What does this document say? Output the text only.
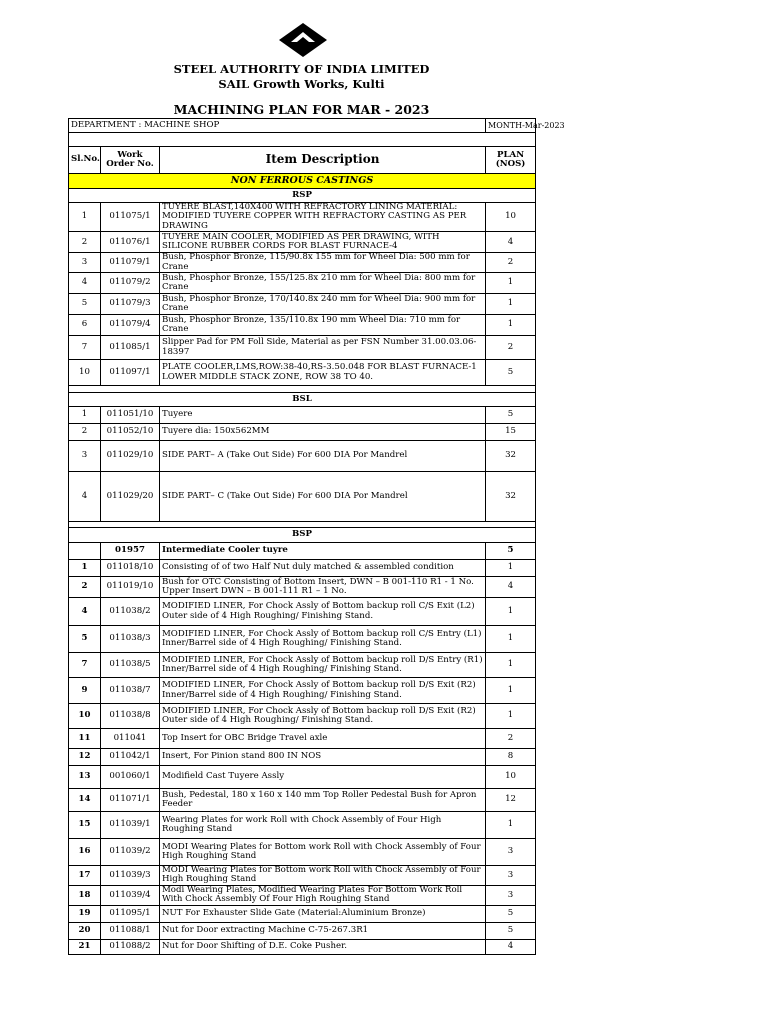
STEEL AUTHORITY OF INDIA LIMITED
SAIL Growth Works, Kulti
MACHINING PLAN FOR MAR - 2023
DEPARTMENT : MACHINE SHOP			MONTH-Mar-2023

Sl.No.	Work Order No.	Item Description	PLAN (NOS)
NON FERROUS CASTINGS			
RSP			
1	011075/1	TUYERE BLAST,140X400 WITH REFRACTORY LINING MATERIAL: MODIFIED TUYERE COPPER WITH REFRACTORY CASTING AS PER DRAWING	10
2	011076/1	TUYERE MAIN COOLER, MODIFIED AS PER DRAWING, WITH SILICONE RUBBER CORDS FOR BLAST FURNACE-4	4
3	011079/1	Bush, Phosphor Bronze, 115/90.8x 155 mm for Wheel Dia: 500 mm for Crane	2
4	011079/2	Bush, Phosphor Bronze, 155/125.8x 210 mm for Wheel Dia: 800 mm for Crane	1
5	011079/3	Bush, Phosphor Bronze, 170/140.8x 240 mm for Wheel Dia: 900 mm for Crane	1
6	011079/4	Bush, Phosphor Bronze, 135/110.8x 190 mm Wheel Dia: 710 mm for Crane	1
7	011085/1	Slipper Pad for PM Foll Side, Material as per FSN Number 31.00.03.06-18397	2
10	011097/1	PLATE COOLER,LMS,ROW:38-40,RS-3.50.048 FOR BLAST FURNACE-1 LOWER MIDDLE STACK ZONE, ROW 38 TO 40.	5

BSL			
1	011051/10	Tuyere	5
2	011052/10	Tuyere dia: 150x562MM	15
3	011029/10	SIDE PART– A (Take Out Side) For 600 DIA Por Mandrel	32
4	011029/20	SIDE PART– C (Take Out Side) For 600 DIA Por Mandrel	32

BSP			
	01957	Intermediate Cooler tuyre	5
1	011018/10	Consisting of of two Half Nut duly matched & assembled condition	1
2	011019/10	Bush for OTC Consisting of Bottom Insert, DWN – B 001-110 R1 - 1 No. Upper Insert DWN – B 001-111 R1 – 1 No.	4
4	011038/2	MODIFIED LINER, For Chock Assly of Bottom backup roll C/S Exit (L2) Outer side of 4 High Roughing/ Finishing Stand.	1
5	011038/3	MODIFIED LINER, For Chock Assly of Bottom backup roll C/S Entry (L1) Inner/Barrel side of 4 High Roughing/ Finishing Stand.	1
7	011038/5	MODIFIED LINER, For Chock Assly of Bottom backup roll D/S Entry (R1) Inner/Barrel side of 4 High Roughing/ Finishing Stand.	1
9	011038/7	MODIFIED LINER, For Chock Assly of Bottom backup roll D/S Exit (R2) Inner/Barrel side of 4 High Roughing/ Finishing Stand.	1
10	011038/8	MODIFIED LINER, For Chock Assly of Bottom backup roll D/S Exit (R2) Outer side of 4 High Roughing/ Finishing Stand.	1
11	011041	Top Insert for OBC Bridge Travel axle	2
12	011042/1	Insert, For Pinion stand 800 IN NOS	8
13	001060/1	Modifield Cast Tuyere Assly	10
14	011071/1	Bush, Pedestal, 180 x 160 x 140 mm Top Roller Pedestal Bush for Apron Feeder	12
15	011039/1	Wearing Plates for work Roll with Chock Assembly of Four High Roughing Stand	1
16	011039/2	MODI Wearing Plates for Bottom work Roll with Chock Assembly of Four High Roughing Stand	3
17	011039/3	MODI Wearing Plates for Bottom work Roll with Chock Assembly of Four High Roughing Stand	3
18	011039/4	Modi Wearing Plates, Modified Wearing Plates For Bottom Work Roll With Chock Assembly Of Four High Roughing Stand	3
19	011095/1	NUT For Exhauster Slide Gate (Material:Aluminium Bronze)	5
20	011088/1	Nut for Door extracting Machine C-75-267.3R1	5
21	011088/2	Nut for Door Shifting of D.E. Coke Pusher.	4
